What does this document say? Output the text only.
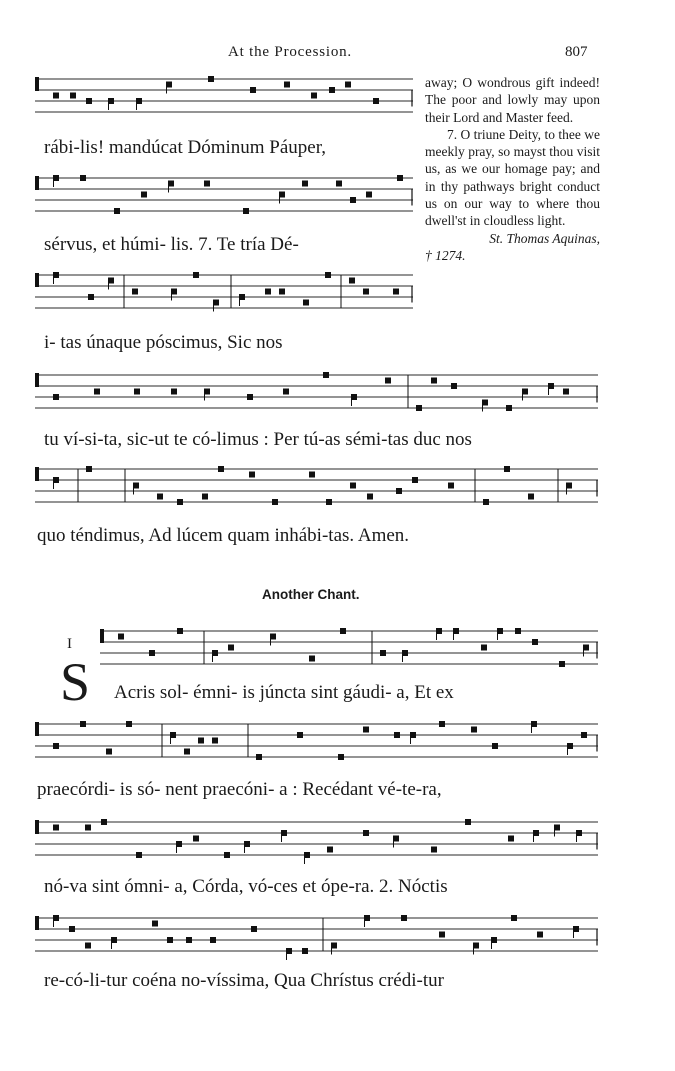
At the Procession.	807
rábi-lis! mandúcat Dóminum Páuper,
sérvus, et húmi- lis. 7. Te tría Dé-
i- tas únaque póscimus, Sic nos
tu ví-si-ta, sic-ut te có-limus : Per tú-as sémi-tas duc nos
quo téndimus, Ad lúcem quam inhábi-tas. Amen.
Another Chant.
I
S Acris sol- émni- is júncta sint gáudi- a, Et ex
praecórdi- is só- nent praecóni- a : Recédant vé-te-ra,
nó-va sint ómni- a, Córda, vó-ces et ópe-ra. 2. Nóctis
re-có-li-tur coéna no-víssima, Qua Chrístus crédi-tur

away; O wondrous gift indeed! The poor and lowly may upon their Lord and Master feed.

7. O triune Deity, to thee we meekly pray, so mayst thou visit us, as we our homage pay; and in thy pathways bright conduct us on our way to where thou dwell'st in cloudless light.

St. Thomas Aquinas,

† 1274.
